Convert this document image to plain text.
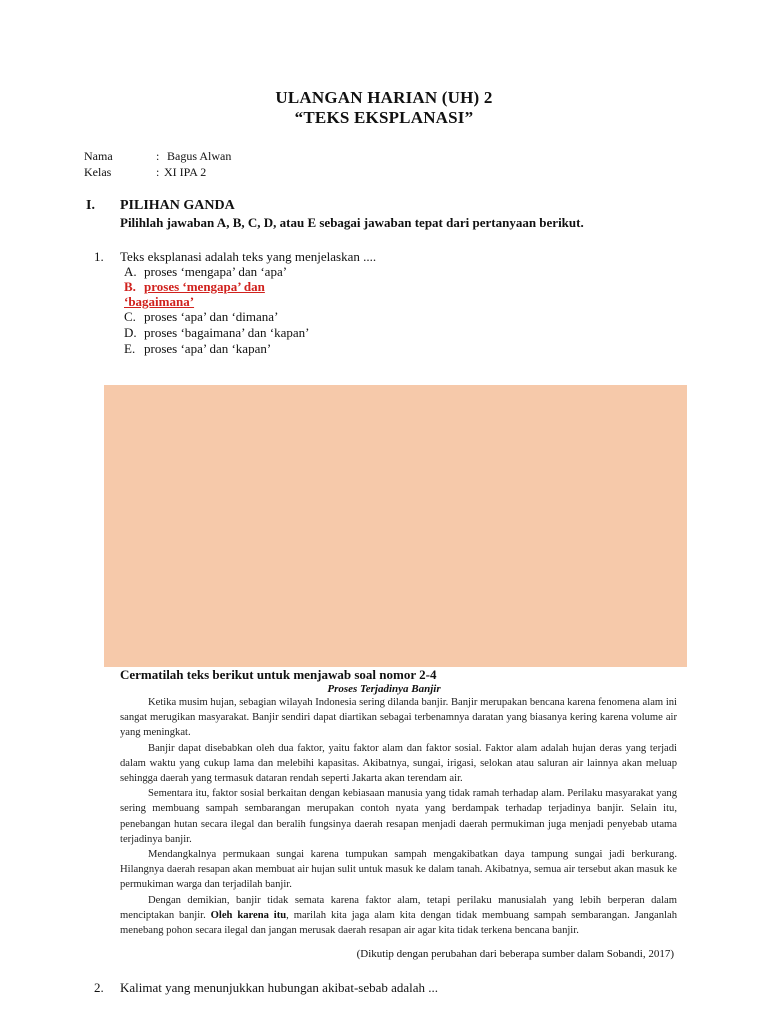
ULANGAN HARIAN (UH) 2
“TEKS EKSPLANASI”
Nama	: Bagus Alwan
Kelas	: XI IPA 2
I. PILIHAN GANDA
Pilihlah jawaban A, B, C, D, atau E sebagai jawaban tepat dari pertanyaan berikut.
1. Teks eksplanasi adalah teks yang menjelaskan ....
A. proses ‘mengapa’ dan ‘apa’
B. proses ‘mengapa’ dan
‘bagaimana’
C. proses ‘apa’ dan ‘dimana’
D. proses ‘bagaimana’ dan ‘kapan’
E. proses ‘apa’ dan ‘kapan’
Cermatilah teks berikut untuk menjawab soal nomor 2-4
Proses Terjadinya Banjir

Ketika musim hujan, sebagian wilayah Indonesia sering dilanda banjir. Banjir merupakan bencana karena fenomena alam ini sangat merugikan masyarakat. Banjir sendiri dapat diartikan sebagai terbenamnya daratan yang biasanya kering karena volume air yang meningkat.

Banjir dapat disebabkan oleh dua faktor, yaitu faktor alam dan faktor sosial. Faktor alam adalah hujan deras yang terjadi dalam waktu yang cukup lama dan melebihi kapasitas. Akibatnya, sungai, irigasi, selokan atau saluran air lainnya akan meluap sehingga daerah yang termasuk dataran rendah seperti Jakarta akan terendam air.

Sementara itu, faktor sosial berkaitan dengan kebiasaan manusia yang tidak ramah terhadap alam. Perilaku masyarakat yang sering membuang sampah sembarangan merupakan contoh nyata yang berdampak terhadap terjadinya banjir. Selain itu, penebangan hutan secara ilegal dan beralih fungsinya daerah resapan menjadi daerah permukiman juga menjadi penyebab utama terjadinya banjir.

Mendangkalnya permukaan sungai karena tumpukan sampah mengakibatkan daya tampung sungai jadi berkurang. Hilangnya daerah resapan akan membuat air hujan sulit untuk masuk ke dalam tanah. Akibatnya, semua air tersebut akan masuk ke permukiman warga dan terjadilah banjir.

Dengan demikian, banjir tidak semata karena faktor alam, tetapi perilaku manusialah yang lebih berperan dalam menciptakan banjir. Oleh karena itu, marilah kita jaga alam kita dengan tidak membuang sampah sembarangan. Janganlah menebang pohon secara ilegal dan jangan merusak daerah resapan air agar kita tidak terkena bencana banjir.

(Dikutip dengan perubahan dari beberapa sumber dalam Sobandi, 2017)
2. Kalimat yang menunjukkan hubungan akibat-sebab adalah ...
